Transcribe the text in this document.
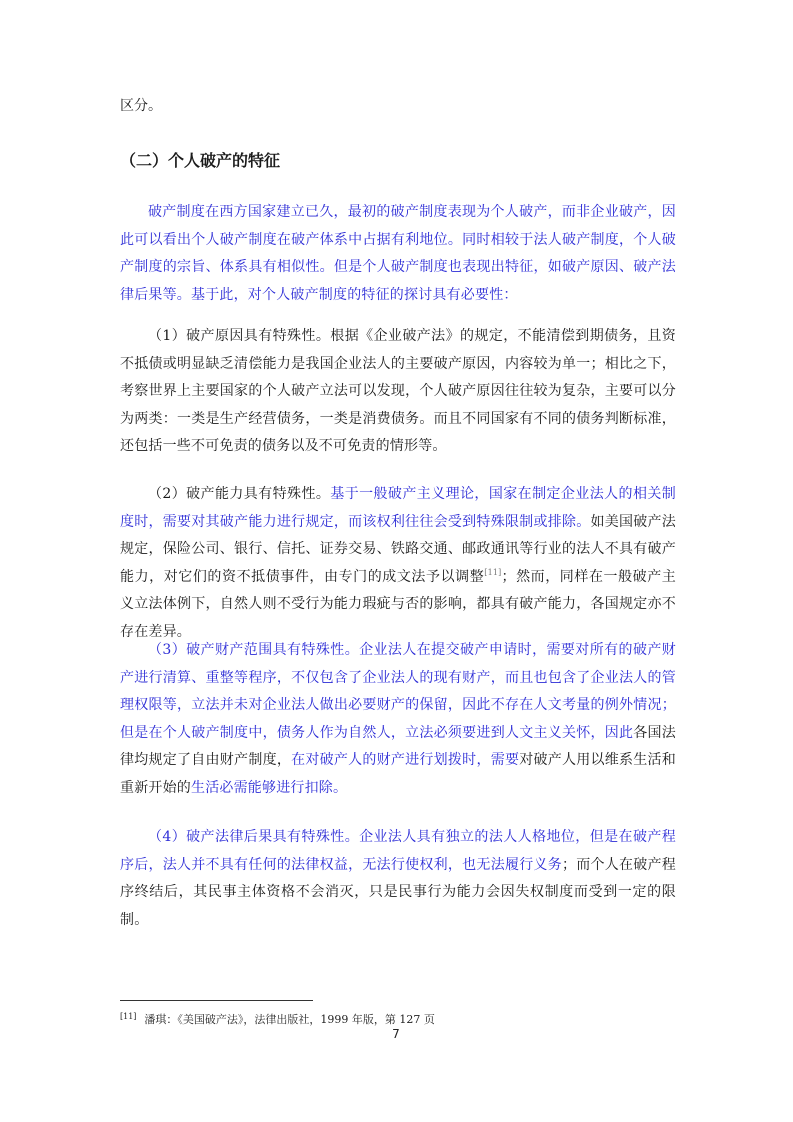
区分。
（二）个人破产的特征

破产制度在西方国家建立已久，最初的破产制度表现为个人破产，而非企业破产，因此可以看出个人破产制度在破产体系中占据有利地位。同时相较于法人破产制度，个人破产制度的宗旨、体系具有相似性。但是个人破产制度也表现出特征，如破产原因、破产法律后果等。基于此，对个人破产制度的特征的探讨具有必要性：

（1）破产原因具有特殊性。根据《企业破产法》的规定，不能清偿到期债务，且资不抵债或明显缺乏清偿能力是我国企业法人的主要破产原因，内容较为单一；相比之下，考察世界上主要国家的个人破产立法可以发现，个人破产原因往往较为复杂，主要可以分为两类：一类是生产经营债务，一类是消费债务。而且不同国家有不同的债务判断标准，还包括一些不可免责的债务以及不可免责的情形等。

（2）破产能力具有特殊性。基于一般破产主义理论，国家在制定企业法人的相关制度时，需要对其破产能力进行规定，而该权利往往会受到特殊限制或排除。如美国破产法规定，保险公司、银行、信托、证券交易、铁路交通、邮政通讯等行业的法人不具有破产能力，对它们的资不抵债事件，由专门的成文法予以调整[11]；然而，同样在一般破产主义立法体例下，自然人则不受行为能力瑕疵与否的影响，都具有破产能力，各国规定亦不存在差异。

（3）破产财产范围具有特殊性。企业法人在提交破产申请时，需要对所有的破产财产进行清算、重整等程序，不仅包含了企业法人的现有财产，而且也包含了企业法人的管理权限等，立法并未对企业法人做出必要财产的保留，因此不存在人文考量的例外情况；但是在个人破产制度中，债务人作为自然人，立法必须要进到人文主义关怀，因此各国法律均规定了自由财产制度，在对破产人的财产进行划拨时，需要对破产人用以维系生活和重新开始的生活必需能够进行扣除。

（4）破产法律后果具有特殊性。企业法人具有独立的法人人格地位，但是在破产程序后，法人并不具有任何的法律权益，无法行使权利，也无法履行义务；而个人在破产程序终结后，其民事主体资格不会消灭，只是民事行为能力会因失权制度而受到一定的限制。

[11] 潘琪：《美国破产法》，法律出版社，1999 年版，第 127 页
7
